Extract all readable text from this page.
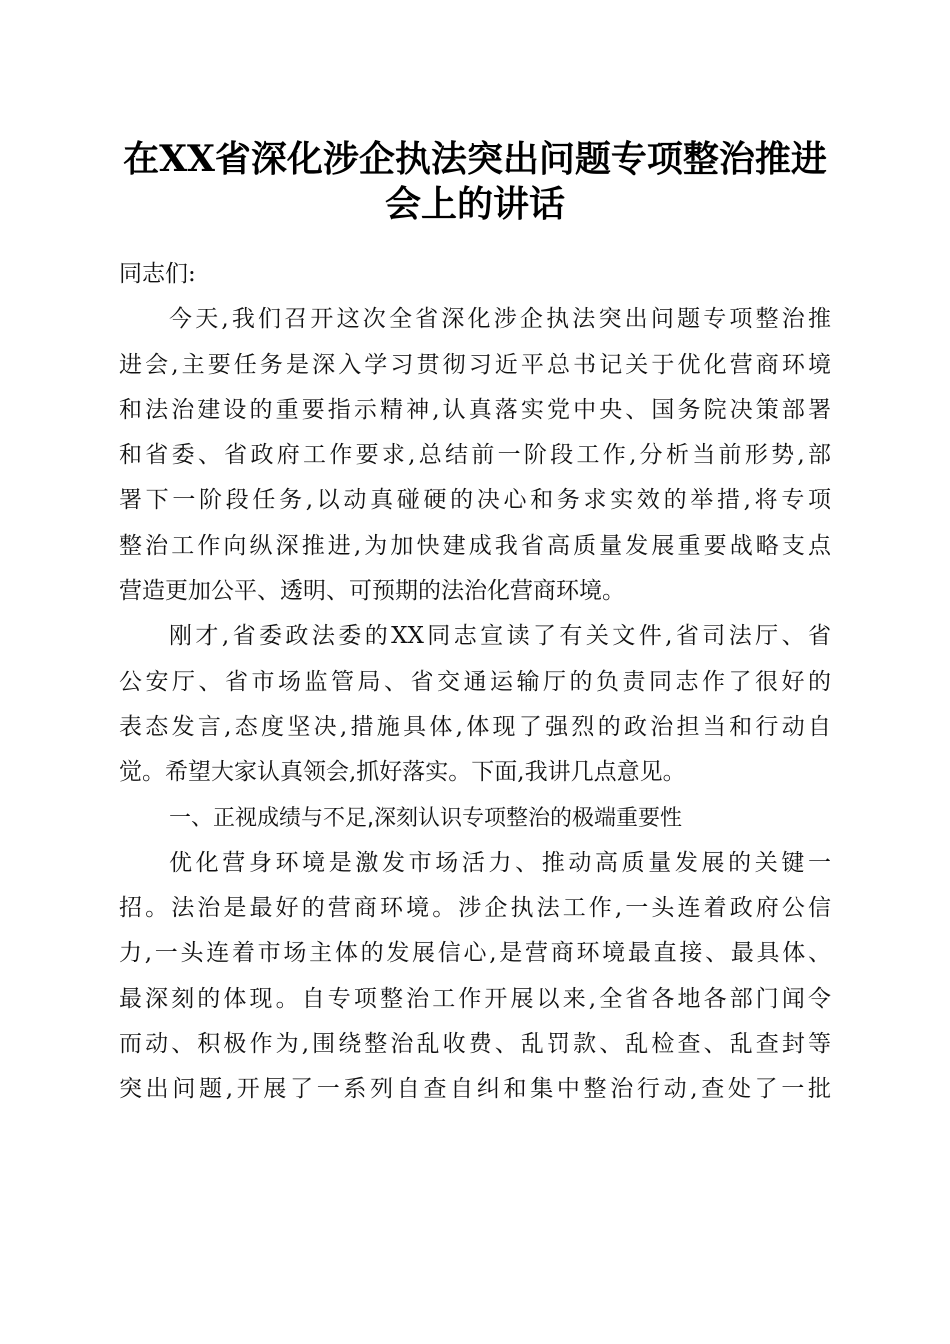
在XX省深化涉企执法突出问题专项整治推进
会上的讲话
同志们:
今天,我们召开这次全省深化涉企执法突出问题专项整治推
进会,主要任务是深入学习贯彻习近平总书记关于优化营商环境
和法治建设的重要指示精神,认真落实党中央、国务院决策部署
和省委、省政府工作要求,总结前一阶段工作,分析当前形势,部
署下一阶段任务,以动真碰硬的决心和务求实效的举措,将专项
整治工作向纵深推进,为加快建成我省高质量发展重要战略支点
营造更加公平、透明、可预期的法治化营商环境。
刚才,省委政法委的XX同志宣读了有关文件,省司法厅、省
公安厅、省市场监管局、省交通运输厅的负责同志作了很好的
表态发言,态度坚决,措施具体,体现了强烈的政治担当和行动自
觉。希望大家认真领会,抓好落实。下面,我讲几点意见。
一、正视成绩与不足,深刻认识专项整治的极端重要性
优化营身环境是激发市场活力、推动高质量发展的关键一
招。法治是最好的营商环境。涉企执法工作,一头连着政府公信
力,一头连着市场主体的发展信心,是营商环境最直接、最具体、
最深刻的体现。自专项整治工作开展以来,全省各地各部门闻令
而动、积极作为,围绕整治乱收费、乱罚款、乱检查、乱查封等
突出问题,开展了一系列自查自纠和集中整治行动,查处了一批
